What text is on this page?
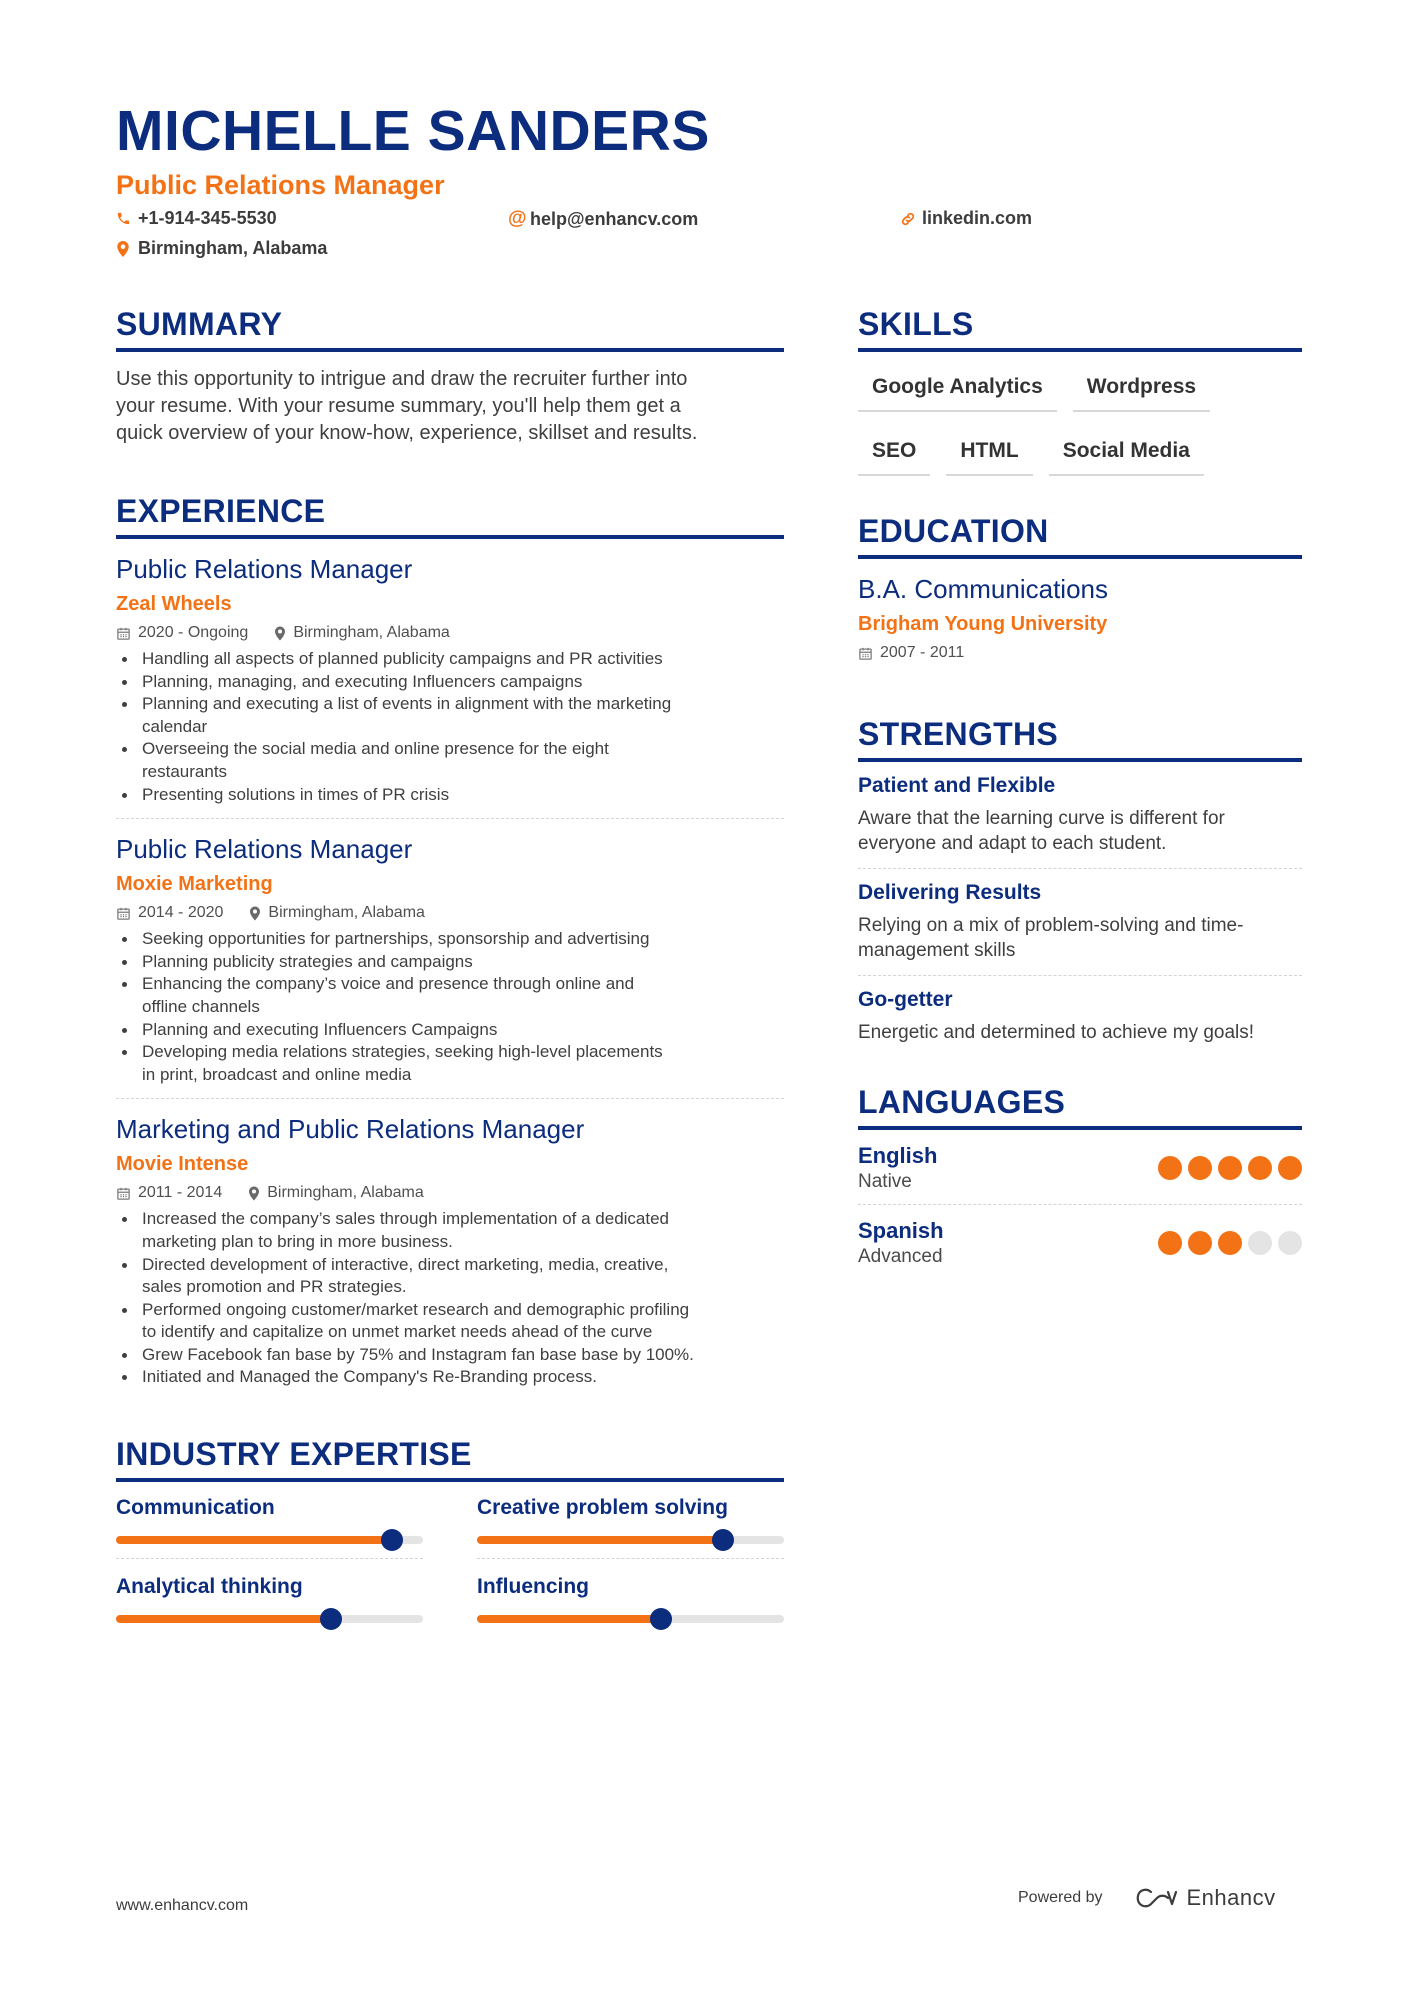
MICHELLE SANDERS
Public Relations Manager
+1-914-345-5530	@ help@enhancv.com	linkedin.com
Birmingham, Alabama
SUMMARY
Use this opportunity to intrigue and draw the recruiter further into
your resume. With your resume summary, you'll help them get a
quick overview of your know-how, experience, skillset and results.
EXPERIENCE
Public Relations Manager
Zeal Wheels
2020 - Ongoing	Birmingham, Alabama
Handling all aspects of planned publicity campaigns and PR activities
Planning, managing, and executing Influencers campaigns
Planning and executing a list of events in alignment with the marketing
calendar
Overseeing the social media and online presence for the eight
restaurants
Presenting solutions in times of PR crisis
Public Relations Manager
Moxie Marketing
2014 - 2020	Birmingham, Alabama
Seeking opportunities for partnerships, sponsorship and advertising
Planning publicity strategies and campaigns
Enhancing the company’s voice and presence through online and
offline channels
Planning and executing Influencers Campaigns
Developing media relations strategies, seeking high-level placements
in print, broadcast and online media
Marketing and Public Relations Manager
Movie Intense
2011 - 2014	Birmingham, Alabama
Increased the company’s sales through implementation of a dedicated
marketing plan to bring in more business.
Directed development of interactive, direct marketing, media, creative,
sales promotion and PR strategies.
Performed ongoing customer/market research and demographic profiling
to identify and capitalize on unmet market needs ahead of the curve
Grew Facebook fan base by 75% and Instagram fan base base by 100%.
Initiated and Managed the Company's Re-Branding process.
INDUSTRY EXPERTISE
Communication	Creative problem solving
Analytical thinking	Influencing
SKILLS
Google Analytics	Wordpress
SEO	HTML	Social Media
EDUCATION
B.A. Communications
Brigham Young University
2007 - 2011
STRENGTHS
Patient and Flexible
Aware that the learning curve is different for
everyone and adapt to each student.
Delivering Results
Relying on a mix of problem-solving and time-
management skills
Go-getter
Energetic and determined to achieve my goals!
LANGUAGES
English
Native
Spanish
Advanced
www.enhancv.com	Powered by	Enhancv
